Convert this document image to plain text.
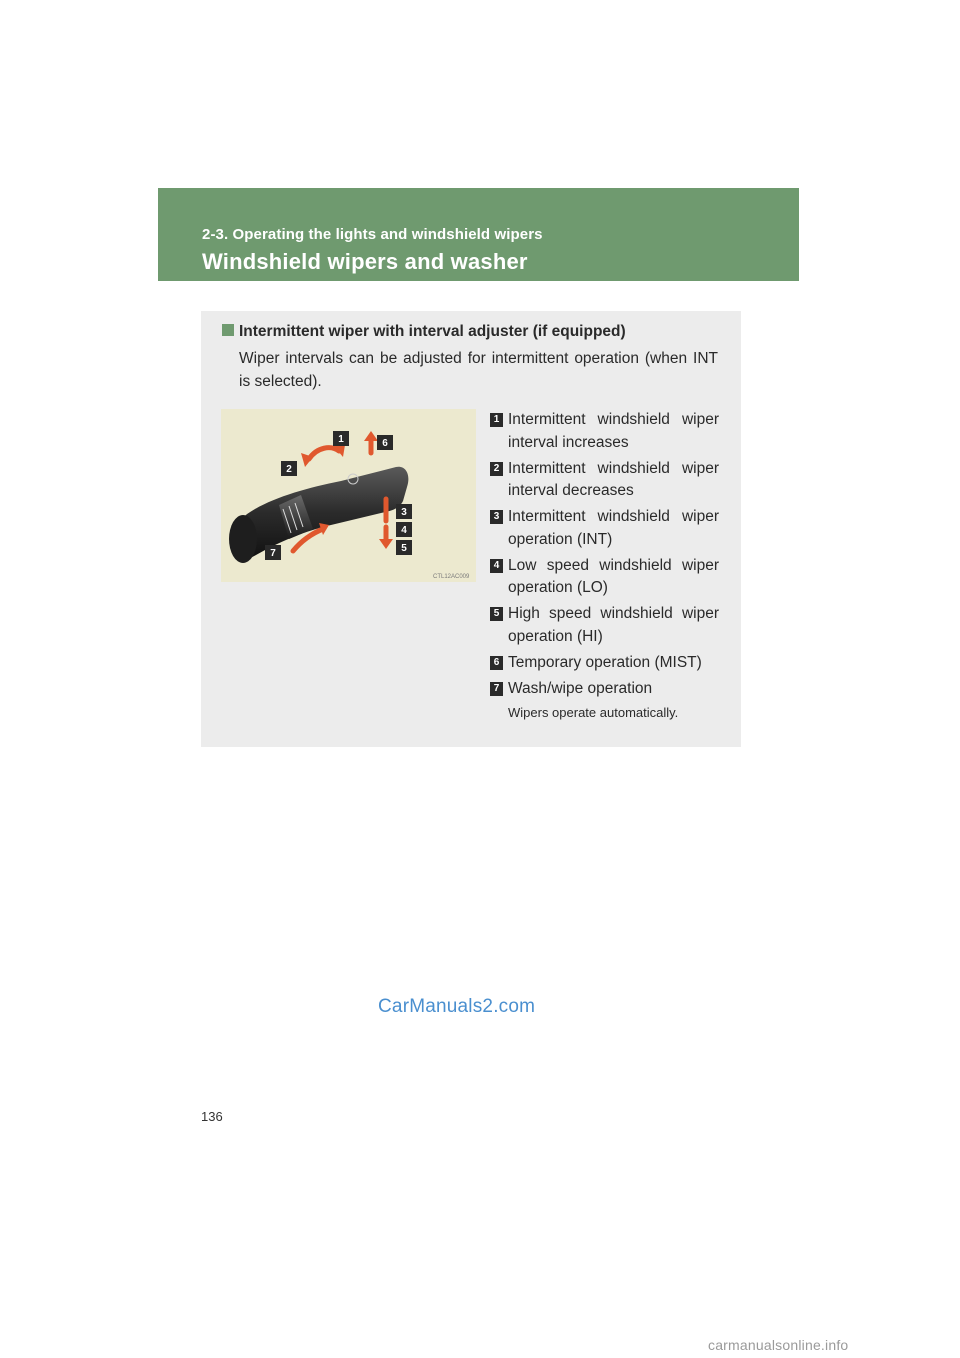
2-3. Operating the lights and windshield wipers
Windshield wipers and washer
Intermittent wiper with interval adjuster (if equipped)
Wiper intervals can be adjusted for intermittent operation (when INT is selected).
1
2
3
4
5
6
7
CTL12AC009
1 Intermittent windshield wiper interval increases
2 Intermittent windshield wiper interval decreases
3 Intermittent windshield wiper operation (INT)
4 Low speed windshield wiper operation (LO)
5 High speed windshield wiper operation (HI)
6 Temporary operation (MIST)
7 Wash/wipe operation
Wipers operate automatically.
CarManuals2.com
136
carmanualsonline.info
